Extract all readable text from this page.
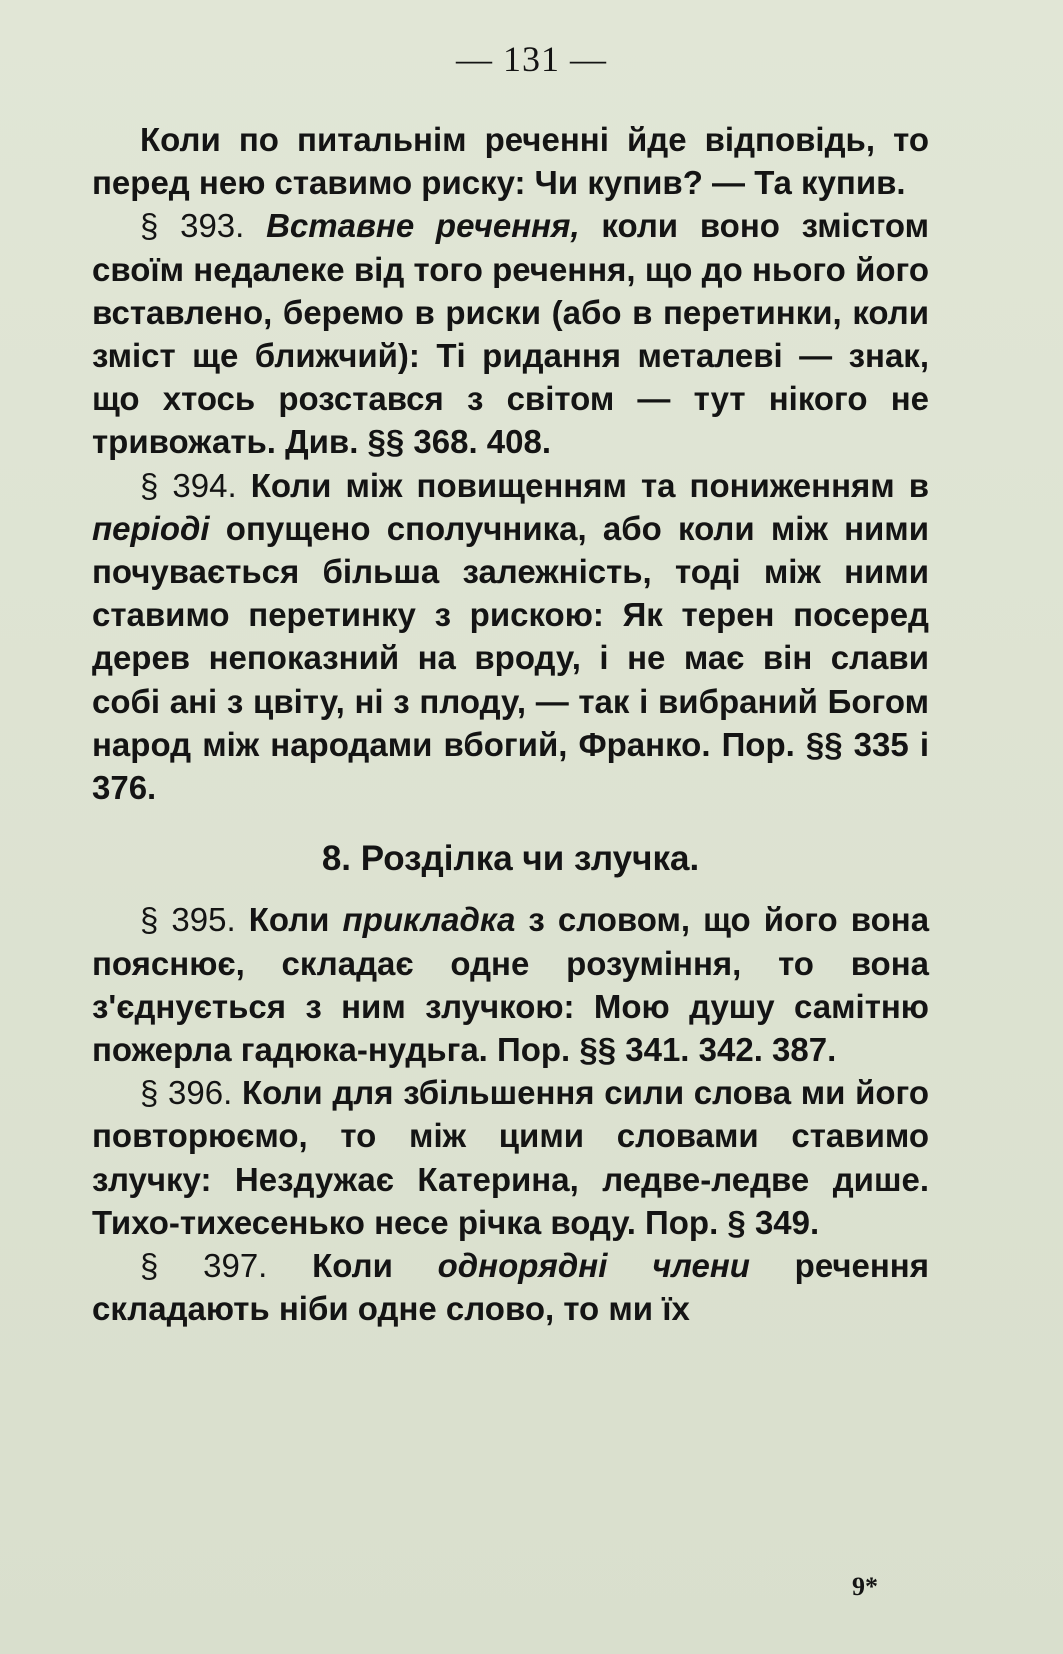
— 131 —

Коли по питальнім реченні йде відповідь, то перед нею ставимо риску: Чи купив? — Та купив.

§ 393. Вставне речення, коли воно змістом своїм недалеке від того речення, що до нього його вставлено, беремо в риски (або в перетинки, коли зміст ще ближчий): Ті ридання металеві — знак, що хтось розстався з світом — тут нікого не тривожать. Див. §§ 368. 408.

§ 394. Коли між повищенням та пониженням в періоді опущено сполучника, або коли між ними почувається більша залежність, тоді між ними ставимо перетинку з рискою: Як терен посеред дерев непоказний на вроду, і не має він слави собі ані з цвіту, ні з плоду, — так і вибраний Богом народ між народами вбогий, Франко. Пор. §§ 335 і 376.

8. Розділка чи злучка.

§ 395. Коли прикладка з словом, що його вона пояснює, складає одне розуміння, то вона з'єднується з ним злучкою: Мою душу самітню пожерла гадюка-нудьга. Пор. §§ 341. 342. 387.

§ 396. Коли для збільшення сили слова ми його повторюємо, то між цими словами ставимо злучку: Нездужає Катерина, ледве-ледве дише. Тихо-тихесенько несе річка воду. Пор. § 349.

§ 397. Коли однорядні члени речення складають ніби одне слово, то ми їх

9*
